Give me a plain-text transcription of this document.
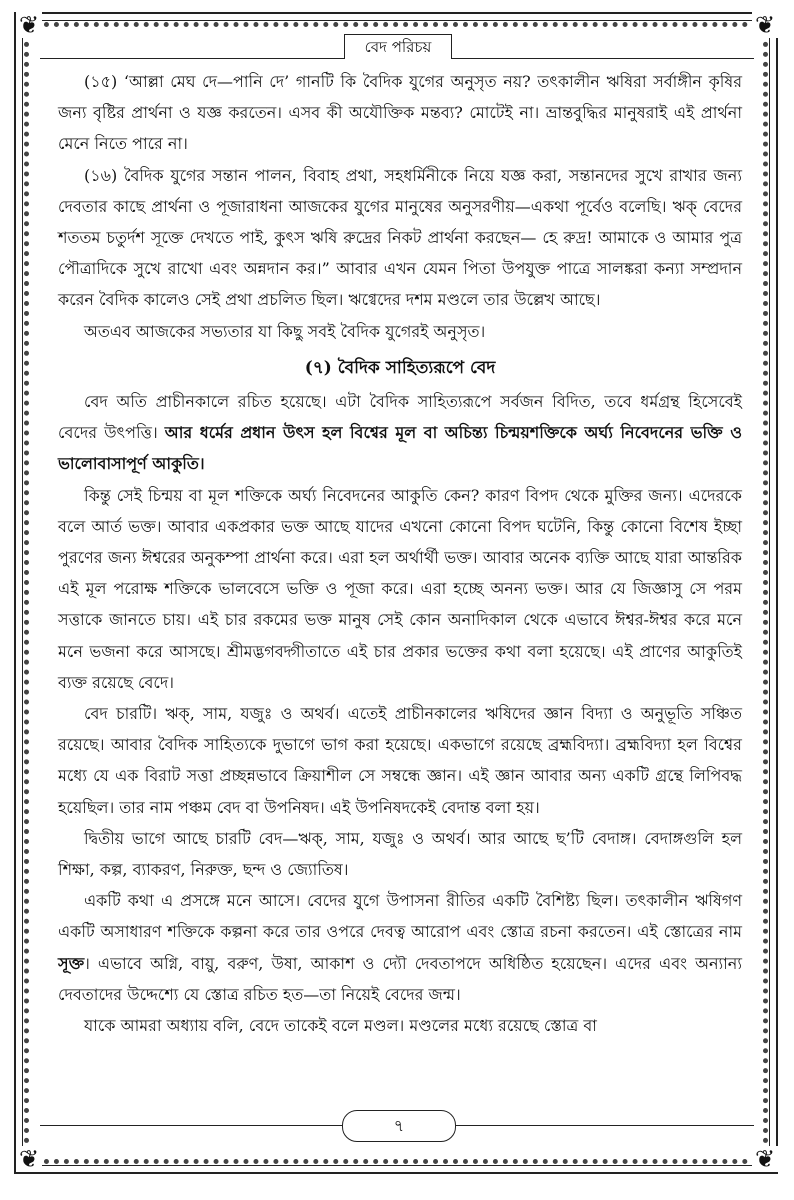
❦	❦
❦	❦
বেদ পরিচয়

(১৫) ‘আল্লা মেঘ দে—পানি দে’ গানটি কি বৈদিক যুগের অনুসৃত নয়? তৎকালীন ঋষিরা সর্বাঙ্গীন কৃষির জন্য বৃষ্টির প্রার্থনা ও যজ্ঞ করতেন। এসব কী অযৌক্তিক মন্তব্য? মোটেই না। ভ্রান্তবুদ্ধির মানুষরাই এই প্রার্থনা মেনে নিতে পারে না।

(১৬) বৈদিক যুগের সন্তান পালন, বিবাহ প্রথা, সহধর্মিনীকে নিয়ে যজ্ঞ করা, সন্তানদের সুখে রাখার জন্য দেবতার কাছে প্রার্থনা ও পূজারাধনা আজকের যুগের মানুষের অনুসরণীয়—একথা পূর্বেও বলেছি। ঋক্ বেদের শততম চতুর্দশ সূক্তে দেখতে পাই, কুৎস ঋষি রুদ্রের নিকট প্রার্থনা করছেন— হে রুদ্র! আমাকে ও আমার পুত্র পৌত্রাদিকে সুখে রাখো এবং অন্নদান কর।” আবার এখন যেমন পিতা উপযুক্ত পাত্রে সালঙ্করা কন্যা সম্প্রদান করেন বৈদিক কালেও সেই প্রথা প্রচলিত ছিল। ঋগ্বেদের দশম মণ্ডলে তার উল্লেখ আছে।

অতএব আজকের সভ্যতার যা কিছু সবই বৈদিক যুগেরই অনুসৃত।

(৭) বৈদিক সাহিত্যরূপে বেদ

বেদ অতি প্রাচীনকালে রচিত হয়েছে। এটা বৈদিক সাহিত্যরূপে সর্বজন বিদিত, তবে ধর্মগ্রন্থ হিসেবেই বেদের উৎপত্তি। আর ধর্মের প্রধান উৎস হল বিশ্বের মূল বা অচিন্ত্য চিন্ময়শক্তিকে অর্ঘ্য নিবেদনের ভক্তি ও ভালোবাসাপূর্ণ আকুতি।

কিন্তু সেই চিন্ময় বা মূল শক্তিকে অর্ঘ্য নিবেদনের আকুতি কেন? কারণ বিপদ থেকে মুক্তির জন্য। এদেরকে বলে আর্ত ভক্ত। আবার একপ্রকার ভক্ত আছে যাদের এখনো কোনো বিপদ ঘটেনি, কিন্তু কোনো বিশেষ ইচ্ছা পুরণের জন্য ঈশ্বরের অনুকম্পা প্রার্থনা করে। এরা হল অর্থার্থী ভক্ত। আবার অনেক ব্যক্তি আছে যারা আন্তরিক এই মূল পরোক্ষ শক্তিকে ভালবেসে ভক্তি ও পূজা করে। এরা হচ্ছে অনন্য ভক্ত। আর যে জিজ্ঞাসু সে পরম সত্তাকে জানতে চায়। এই চার রকমের ভক্ত মানুষ সেই কোন অনাদিকাল থেকে এভাবে ঈশ্বর-ঈশ্বর করে মনে মনে ভজনা করে আসছে। শ্রীমদ্ভগবদ্গীতাতে এই চার প্রকার ভক্তের কথা বলা হয়েছে। এই প্রাণের আকুতিই ব্যক্ত রয়েছে বেদে।

বেদ চারটি। ঋক্, সাম, যজুঃ ও অথর্ব। এতেই প্রাচীনকালের ঋষিদের জ্ঞান বিদ্যা ও অনুভূতি সঞ্চিত রয়েছে। আবার বৈদিক সাহিত্যকে দুভাগে ভাগ করা হয়েছে। একভাগে রয়েছে ব্রহ্মবিদ্যা। ব্রহ্মবিদ্যা হল বিশ্বের মধ্যে যে এক বিরাট সত্তা প্রচ্ছন্নভাবে ক্রিয়াশীল সে সম্বন্ধে জ্ঞান। এই জ্ঞান আবার অন্য একটি গ্রন্থে লিপিবদ্ধ হয়েছিল। তার নাম পঞ্চম বেদ বা উপনিষদ। এই উপনিষদকেই বেদান্ত বলা হয়।

দ্বিতীয় ভাগে আছে চারটি বেদ—ঋক্, সাম, যজুঃ ও অথর্ব। আর আছে ছ’টি বেদাঙ্গ। বেদাঙ্গগুলি হল শিক্ষা, কল্প, ব্যাকরণ, নিরুক্ত, ছন্দ ও জ্যোতিষ।

একটি কথা এ প্রসঙ্গে মনে আসে। বেদের যুগে উপাসনা রীতির একটি বৈশিষ্ট্য ছিল। তৎকালীন ঋষিগণ একটি অসাধারণ শক্তিকে কল্পনা করে তার ওপরে দেবত্ব আরোপ এবং স্তোত্র রচনা করতেন। এই স্তোত্রের নাম সূক্ত। এভাবে অগ্নি, বায়ু, বরুণ, উষা, আকাশ ও দ্যৌ দেবতাপদে অধিষ্ঠিত হয়েছেন। এদের এবং অন্যান্য দেবতাদের উদ্দেশ্যে যে স্তোত্র রচিত হত—তা নিয়েই বেদের জন্ম।

যাকে আমরা অধ্যায় বলি, বেদে তাকেই বলে মণ্ডল। মণ্ডলের মধ্যে রয়েছে স্তোত্র বা

৭
